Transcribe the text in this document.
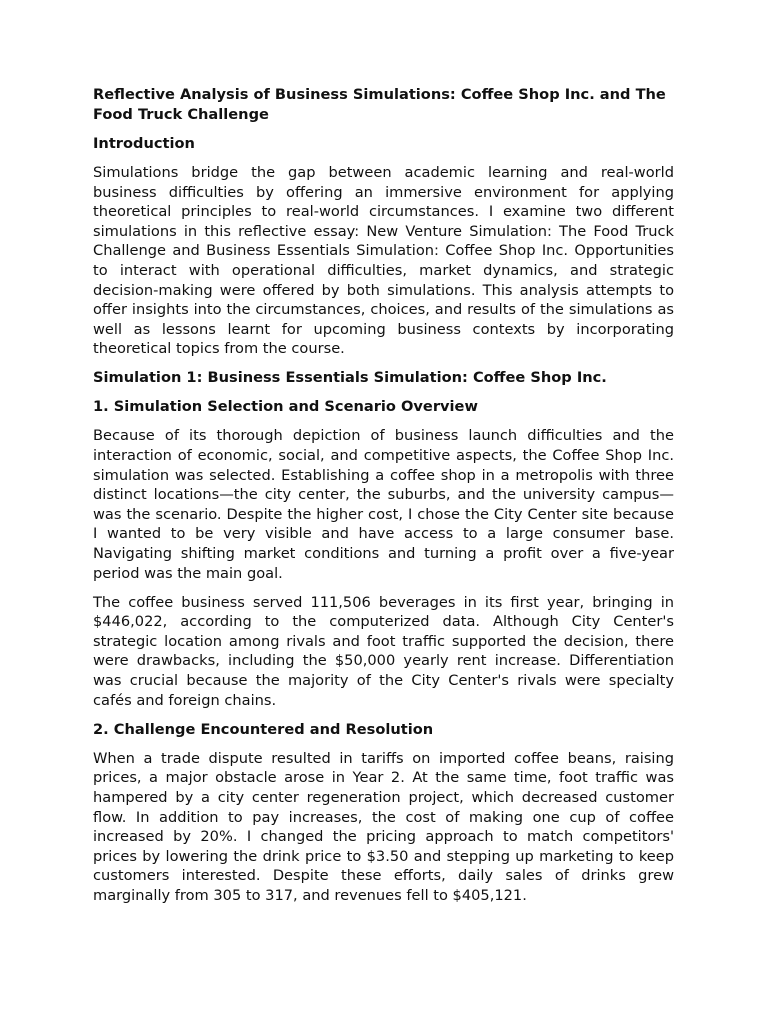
Reflective Analysis of Business Simulations: Coffee Shop Inc. and The Food Truck Challenge
Introduction

Simulations bridge the gap between academic learning and real-world business difficulties by offering an immersive environment for applying theoretical principles to real-world circumstances. I examine two different simulations in this reflective essay: New Venture Simulation: The Food Truck Challenge and Business Essentials Simulation: Coffee Shop Inc. Opportunities to interact with operational difficulties, market dynamics, and strategic decision-making were offered by both simulations. This analysis attempts to offer insights into the circumstances, choices, and results of the simulations as well as lessons learnt for upcoming business contexts by incorporating theoretical topics from the course.

Simulation 1: Business Essentials Simulation: Coffee Shop Inc.
1. Simulation Selection and Scenario Overview

Because of its thorough depiction of business launch difficulties and the interaction of economic, social, and competitive aspects, the Coffee Shop Inc. simulation was selected. Establishing a coffee shop in a metropolis with three distinct locations—the city center, the suburbs, and the university campus—was the scenario. Despite the higher cost, I chose the City Center site because I wanted to be very visible and have access to a large consumer base. Navigating shifting market conditions and turning a profit over a five-year period was the main goal.

The coffee business served 111,506 beverages in its first year, bringing in $446,022, according to the computerized data. Although City Center's strategic location among rivals and foot traffic supported the decision, there were drawbacks, including the $50,000 yearly rent increase. Differentiation was crucial because the majority of the City Center's rivals were specialty cafés and foreign chains.

2. Challenge Encountered and Resolution

When a trade dispute resulted in tariffs on imported coffee beans, raising prices, a major obstacle arose in Year 2. At the same time, foot traffic was hampered by a city center regeneration project, which decreased customer flow. In addition to pay increases, the cost of making one cup of coffee increased by 20%. I changed the pricing approach to match competitors' prices by lowering the drink price to $3.50 and stepping up marketing to keep customers interested. Despite these efforts, daily sales of drinks grew marginally from 305 to 317, and revenues fell to $405,121.
